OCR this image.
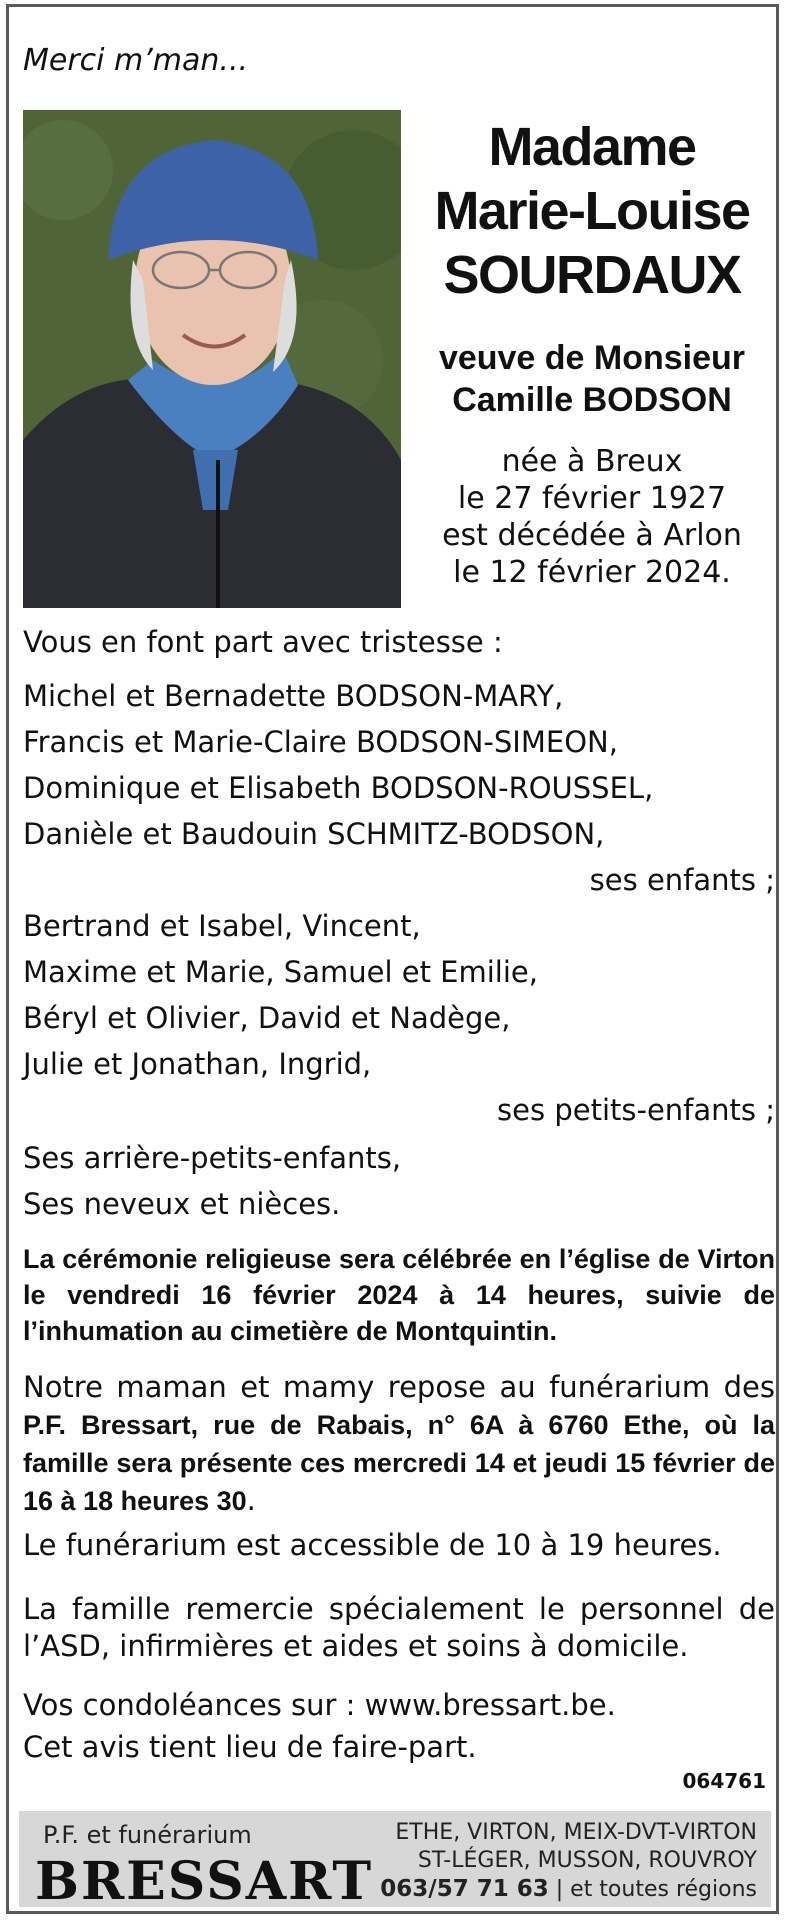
Merci m’man...
Madame
Marie-Louise
SOURDAUX
veuve de Monsieur
Camille BODSON
née à Breux
le 27 février 1927
est décédée à Arlon
le 12 février 2024.
Vous en font part avec tristesse :
Michel et Bernadette BODSON-MARY,
Francis et Marie-Claire BODSON-SIMEON,
Dominique et Elisabeth BODSON-ROUSSEL,
Danièle et Baudouin SCHMITZ-BODSON,
ses enfants ;
Bertrand et Isabel, Vincent,
Maxime et Marie, Samuel et Emilie,
Béryl et Olivier, David et Nadège,
Julie et Jonathan, Ingrid,
ses petits-enfants ;
Ses arrière-petits-enfants,
Ses neveux et nièces.
La cérémonie religieuse sera célébrée en l’église de Virton le vendredi 16 février 2024 à 14 heures, suivie de l’inhumation au cimetière de Montquintin.
Notre maman et mamy repose au funérarium des P.F. Bressart, rue de Rabais, n° 6A à 6760 Ethe, où la famille sera présente ces mercredi 14 et jeudi 15 février de 16 à 18 heures 30.
Le funérarium est accessible de 10 à 19 heures.
La famille remercie spécialement le personnel de l’ASD, infirmières et aides et soins à domicile.
Vos condoléances sur : www.bressart.be.
Cet avis tient lieu de faire-part.
064761
P.F. et funérarium
BRESSART
ETHE, VIRTON, MEIX-DVT-VIRTON
ST-LÉGER, MUSSON, ROUVROY
063/57 71 63 | et toutes régions
